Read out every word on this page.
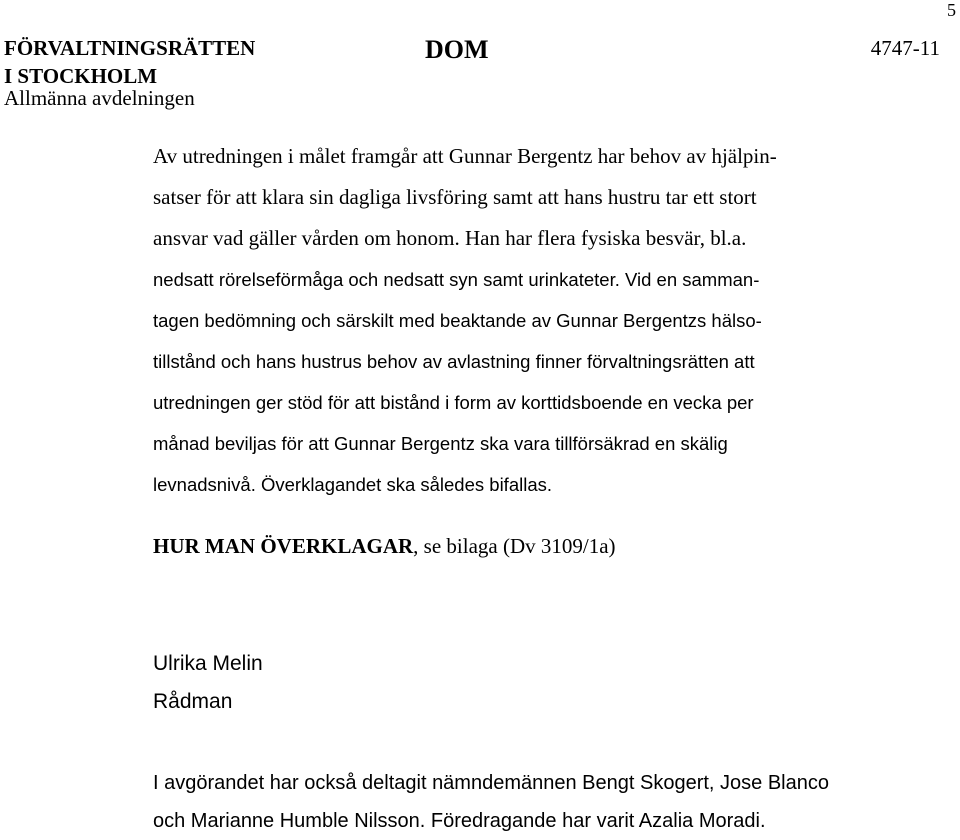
5
FÖRVALTNINGSRÄTTEN
I STOCKHOLM
Allmänna avdelningen
DOM	4747-11
Av utredningen i målet framgår att Gunnar Bergentz har behov av hjälpin-
satser för att klara sin dagliga livsföring samt att hans hustru tar ett stort
ansvar vad gäller vården om honom. Han har flera fysiska besvär, bl.a.
nedsatt rörelseförmåga och nedsatt syn samt urinkateter. Vid en samman-
tagen bedömning och särskilt med beaktande av Gunnar Bergentzs hälso-
tillstånd och hans hustrus behov av avlastning finner förvaltningsrätten att
utredningen ger stöd för att bistånd i form av korttidsboende en vecka per
månad beviljas för att Gunnar Bergentz ska vara tillförsäkrad en skälig
levnadsnivå. Överklagandet ska således bifallas.
HUR MAN ÖVERKLAGAR, se bilaga (Dv 3109/1a)
Ulrika Melin
Rådman
I avgörandet har också deltagit nämndemännen Bengt Skogert, Jose Blanco
och Marianne Humble Nilsson. Föredragande har varit Azalia Moradi.
